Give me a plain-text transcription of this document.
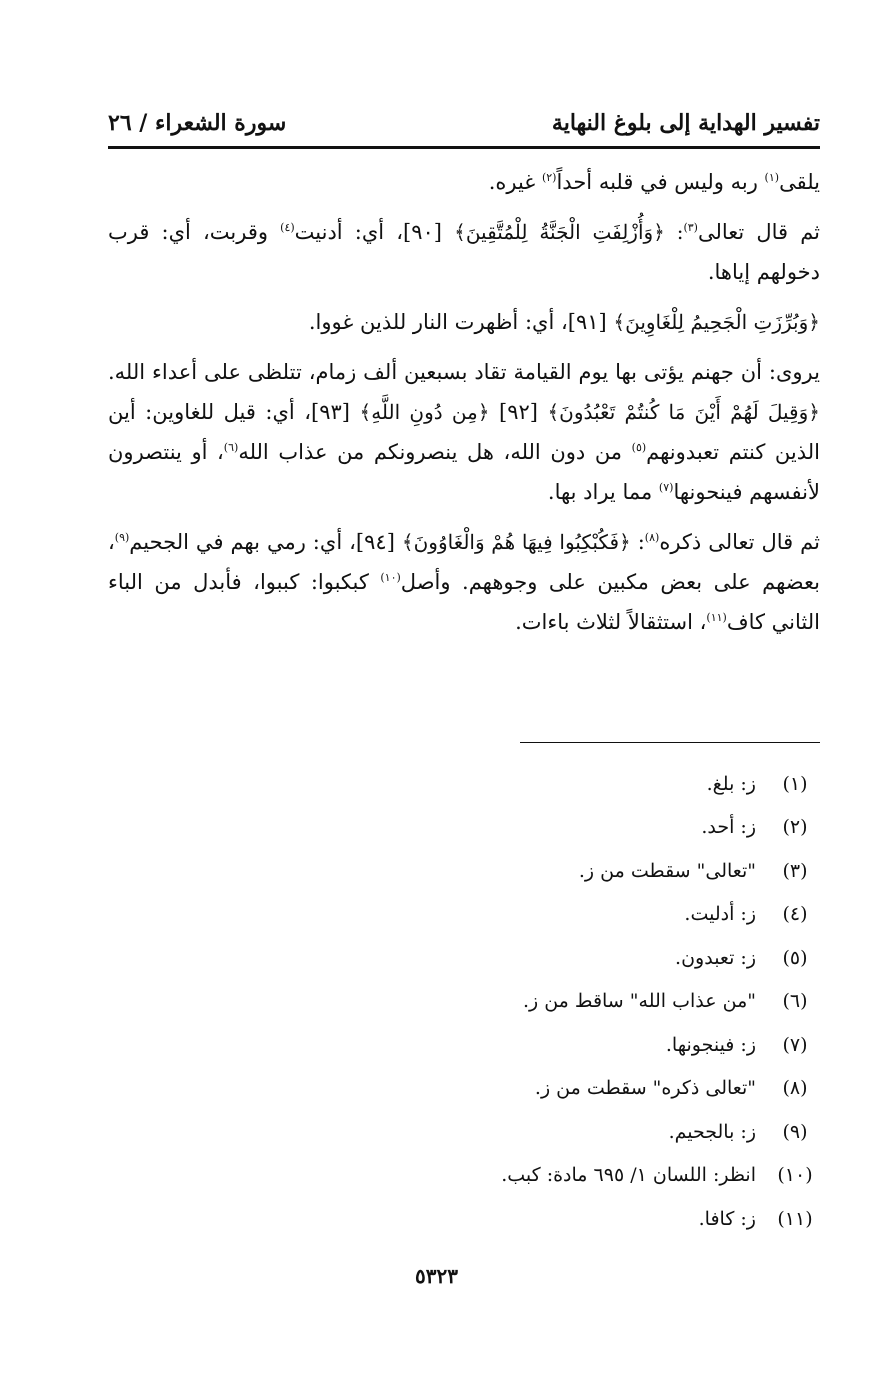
تفسير الهداية إلى بلوغ النهاية
سورة الشعراء / ٢٦

يلقى$^{(١)}$ ربه وليس في قلبه أحداً$^{(٢)}$ غيره.

ثم قال تعالى$^{(٣)}$: ﴿وَأُزْلِفَتِ الْجَنَّةُ لِلْمُتَّقِينَ﴾ [٩٠]، أي: أدنيت$^{(٤)}$ وقربت، أي: قرب دخولهم إياها.

﴿وَبُرِّزَتِ الْجَحِيمُ لِلْغَاوِينَ﴾ [٩١]، أي: أظهرت النار للذين غووا.

يروى: أن جهنم يؤتى بها يوم القيامة تقاد بسبعين ألف زمام، تتلظى على أعداء الله. ﴿وَقِيلَ لَهُمْ أَيْنَ مَا كُنتُمْ تَعْبُدُونَ﴾ [٩٢] ﴿مِن دُونِ اللَّهِ﴾ [٩٣]، أي: قيل للغاوين: أين الذين كنتم تعبدونهم$^{(٥)}$ من دون الله، هل ينصرونكم من عذاب الله$^{(٦)}$، أو ينتصرون لأنفسهم فينحونها$^{(٧)}$ مما يراد بها.

ثم قال تعالى ذكره$^{(٨)}$: ﴿فَكُبْكِبُوا فِيهَا هُمْ وَالْغَاوُونَ﴾ [٩٤]، أي: رمي بهم في الجحيم$^{(٩)}$، بعضهم على بعض مكبين على وجوههم. وأصل$^{(١٠)}$ كبكبوا: كببوا، فأبدل من الباء الثاني كاف$^{(١١)}$، استثقالاً لثلاث باءات.

(١)
ز: بلغ.
(٢)
ز: أحد.
(٣)
"تعالى" سقطت من ز.
(٤)
ز: أدليت.
(٥)
ز: تعبدون.
(٦)
"من عذاب الله" ساقط من ز.
(٧)
ز: فينجونها.
(٨)
"تعالى ذكره" سقطت من ز.
(٩)
ز: بالجحيم.
(١٠)
انظر: اللسان ١/ ٦٩٥ مادة: كبب.
(١١)
ز: كافا.
٥٣٢٣
